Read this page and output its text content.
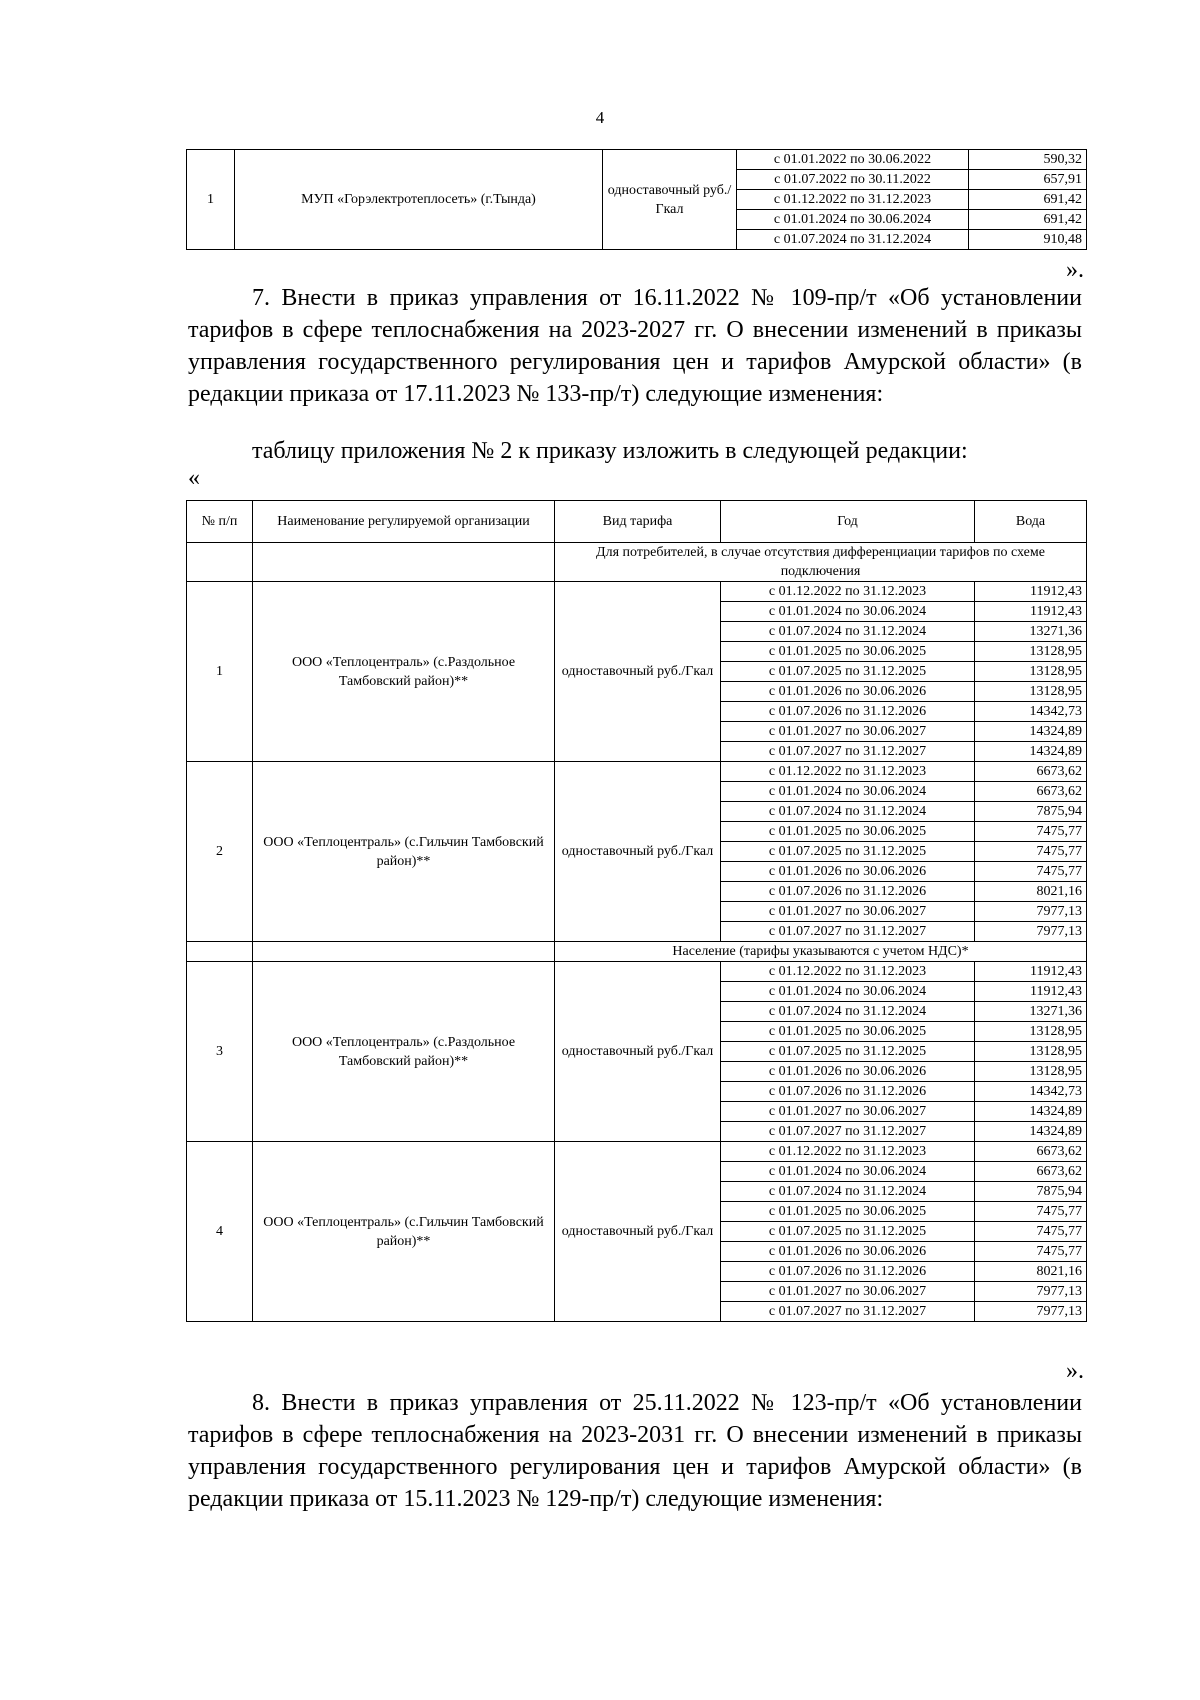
4
1	МУП «Горэлектротеплосеть» (г.Тында)	одноставочный руб./Гкал	с 01.01.2022 по 30.06.2022	590,32
			с 01.07.2022 по 30.11.2022	657,91
			с 01.12.2022 по 31.12.2023	691,42
			с 01.01.2024 по 30.06.2024	691,42
			с 01.07.2024 по 31.12.2024	910,48
».
7. Внести в приказ управления от 16.11.2022 № 109-пр/т «Об установлении тарифов в сфере теплоснабжения на 2023-2027 гг. О внесении изменений в приказы управления государственного регулирования цен и тарифов Амурской области» (в редакции приказа от 17.11.2023 № 133-пр/т) следующие изменения:
таблицу приложения № 2 к приказу изложить в следующей редакции:
«
№ п/п	Наименование регулируемой организации	Вид тарифа	Год	Вода
		Для потребителей, в случае отсутствия дифференциации тарифов по схеме подключения		
1	ООО «Теплоцентраль» (с.Раздольное Тамбовский район)**	одноставочный руб./Гкал	с 01.12.2022 по 31.12.2023	11912,43
			с 01.01.2024 по 30.06.2024	11912,43
			с 01.07.2024 по 31.12.2024	13271,36
			с 01.01.2025 по 30.06.2025	13128,95
			с 01.07.2025 по 31.12.2025	13128,95
			с 01.01.2026 по 30.06.2026	13128,95
			с 01.07.2026 по 31.12.2026	14342,73
			с 01.01.2027 по 30.06.2027	14324,89
			с 01.07.2027 по 31.12.2027	14324,89
2	ООО «Теплоцентраль» (с.Гильчин Тамбовский район)**	одноставочный руб./Гкал	с 01.12.2022 по 31.12.2023	6673,62
			с 01.01.2024 по 30.06.2024	6673,62
			с 01.07.2024 по 31.12.2024	7875,94
			с 01.01.2025 по 30.06.2025	7475,77
			с 01.07.2025 по 31.12.2025	7475,77
			с 01.01.2026 по 30.06.2026	7475,77
			с 01.07.2026 по 31.12.2026	8021,16
			с 01.01.2027 по 30.06.2027	7977,13
			с 01.07.2027 по 31.12.2027	7977,13
		Население (тарифы указываются с учетом НДС)*		
3	ООО «Теплоцентраль» (с.Раздольное Тамбовский район)**	одноставочный руб./Гкал	с 01.12.2022 по 31.12.2023	11912,43
			с 01.01.2024 по 30.06.2024	11912,43
			с 01.07.2024 по 31.12.2024	13271,36
			с 01.01.2025 по 30.06.2025	13128,95
			с 01.07.2025 по 31.12.2025	13128,95
			с 01.01.2026 по 30.06.2026	13128,95
			с 01.07.2026 по 31.12.2026	14342,73
			с 01.01.2027 по 30.06.2027	14324,89
			с 01.07.2027 по 31.12.2027	14324,89
4	ООО «Теплоцентраль» (с.Гильчин Тамбовский район)**	одноставочный руб./Гкал	с 01.12.2022 по 31.12.2023	6673,62
			с 01.01.2024 по 30.06.2024	6673,62
			с 01.07.2024 по 31.12.2024	7875,94
			с 01.01.2025 по 30.06.2025	7475,77
			с 01.07.2025 по 31.12.2025	7475,77
			с 01.01.2026 по 30.06.2026	7475,77
			с 01.07.2026 по 31.12.2026	8021,16
			с 01.01.2027 по 30.06.2027	7977,13
			с 01.07.2027 по 31.12.2027	7977,13
».
8. Внести в приказ управления от 25.11.2022 № 123-пр/т «Об установлении тарифов в сфере теплоснабжения на 2023-2031 гг. О внесении изменений в приказы управления государственного регулирования цен и тарифов Амурской области» (в редакции приказа от 15.11.2023 № 129-пр/т) следующие изменения:
